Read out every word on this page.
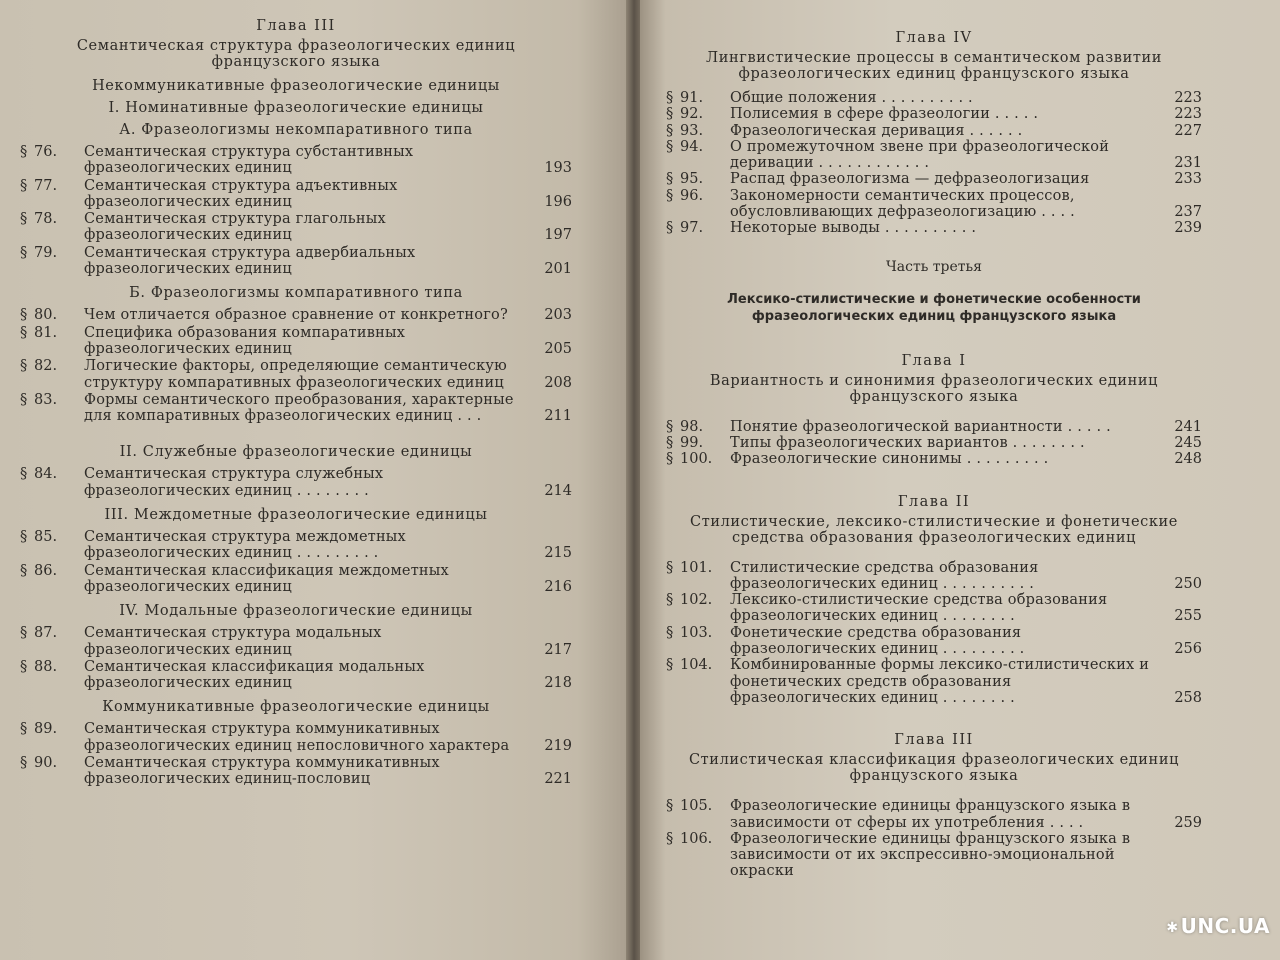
Глава III
Семантическая структура фразеологических единиц французского языка
Некоммуникативные фразеологические единицы
I. Номинативные фразеологические единицы
А. Фразеологизмы некомпаративного типа
§ 76.	Семантическая структура субстантивных фразеологических единиц	193
§ 77.	Семантическая структура адъективных фразеологических единиц	196
§ 78.	Семантическая структура глагольных фразеологических единиц	197
§ 79.	Семантическая структура адвербиальных фразеологических единиц	201
Б. Фразеологизмы компаративного типа
§ 80.	Чем отличается образное сравнение от конкретного?	203
§ 81.	Специфика образования компаративных фразеологических единиц	205
§ 82.	Логические факторы, определяющие семантическую структуру компаративных фразеологических единиц	208
§ 83.	Формы семантического преобразования, характерные для компаративных фразеологических единиц . . .	211
II. Служебные фразеологические единицы
§ 84.	Семантическая структура служебных фразеологических единиц . . . . . . . .	214
III. Междометные фразеологические единицы
§ 85.	Семантическая структура междометных фразеологических единиц . . . . . . . . .	215
§ 86.	Семантическая классификация междометных фразеологических единиц	216
IV. Модальные фразеологические единицы
§ 87.	Семантическая структура модальных фразеологических единиц	217
§ 88.	Семантическая классификация модальных фразеологических единиц	218
Коммуникативные фразеологические единицы
§ 89.	Семантическая структура коммуникативных фразеологических единиц непословичного характера	219
§ 90.	Семантическая структура коммуникативных фразеологических единиц-пословиц	221
Глава IV
Лингвистические процессы в семантическом развитии фразеологических единиц французского языка
§ 91.	Общие положения . . . . . . . . . .	223
§ 92.	Полисемия в сфере фразеологии . . . . .	223
§ 93.	Фразеологическая деривация . . . . . .	227
§ 94.	О промежуточном звене при фразеологической деривации . . . . . . . . . . . .	231
§ 95.	Распад фразеологизма — дефразеологизация	233
§ 96.	Закономерности семантических процессов, обусловливающих дефразеологизацию . . . .	237
§ 97.	Некоторые выводы . . . . . . . . . .	239
Часть третья
Лексико-стилистические и фонетические особенности фразеологических единиц французского языка
Глава I
Вариантность и синонимия фразеологических единиц французского языка
§ 98.	Понятие фразеологической вариантности . . . . .	241
§ 99.	Типы фразеологических вариантов . . . . . . . .	245
§ 100.	Фразеологические синонимы . . . . . . . . .	248
Глава II
Стилистические, лексико-стилистические и фонетические средства образования фразеологических единиц
§ 101.	Стилистические средства образования фразеологических единиц . . . . . . . . . .	250
§ 102.	Лексико-стилистические средства образования фразеологических единиц . . . . . . . .	255
§ 103.	Фонетические средства образования фразеологических единиц . . . . . . . . .	256
§ 104.	Комбинированные формы лексико-стилистических и фонетических средств образования фразеологических единиц . . . . . . . .	258
Глава III
Стилистическая классификация фразеологических единиц французского языка
§ 105.	Фразеологические единицы французского языка в зависимости от сферы их употребления . . . .	259
§ 106.	Фразеологические единицы французского языка в зависимости от их экспрессивно-эмоциональной окраски
✱ UNC.UA
